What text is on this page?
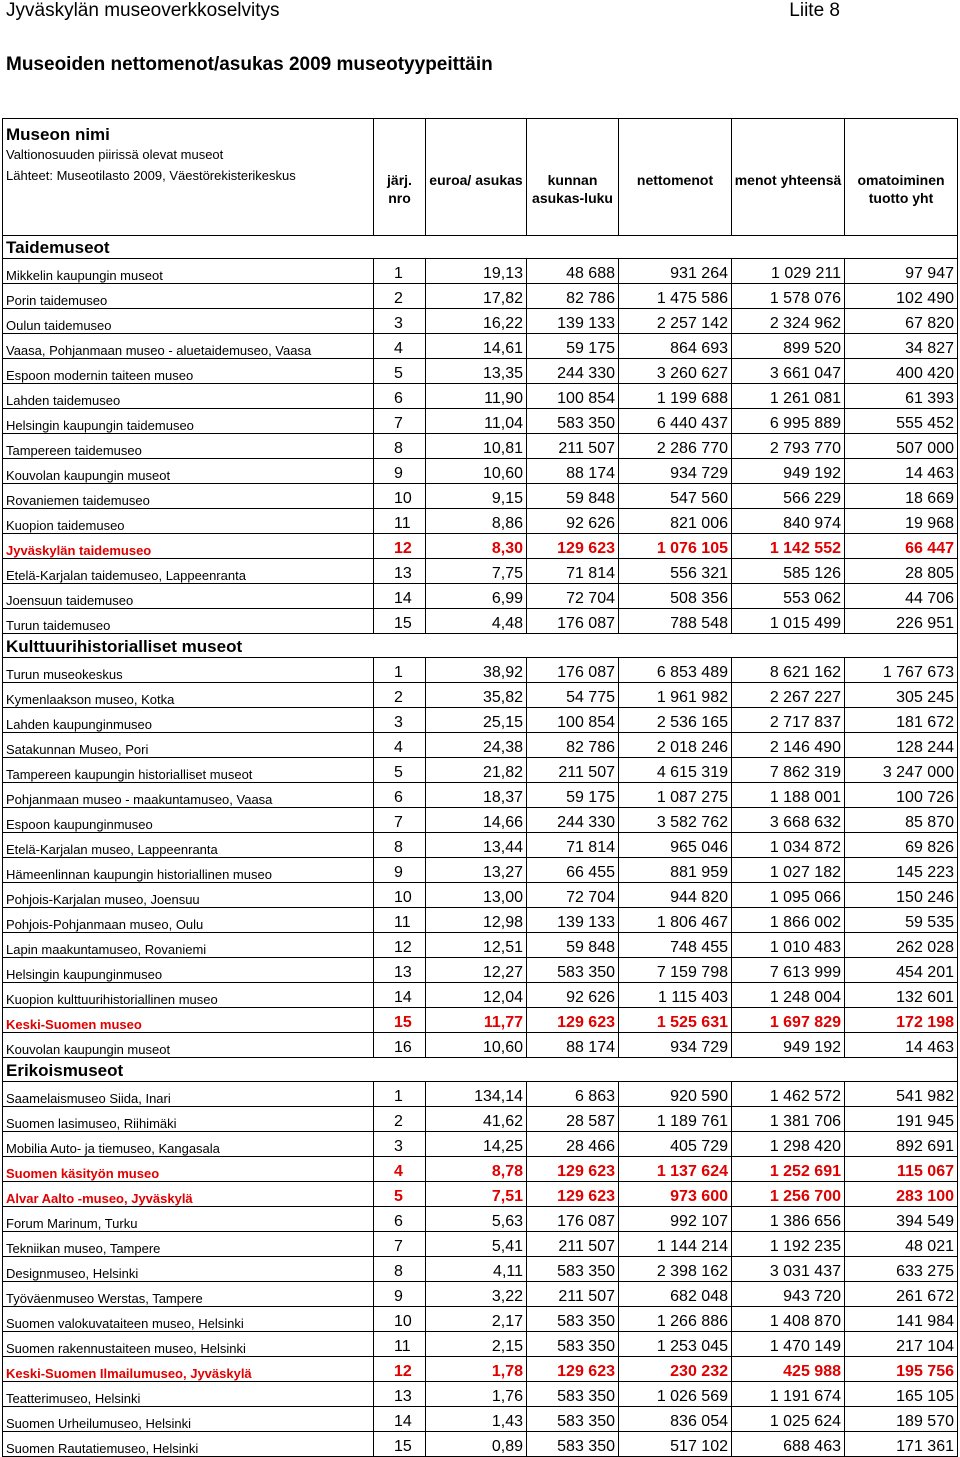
Jyväskylän museoverkkoselvitys	Liite 8
Museoiden nettomenot/asukas 2009 museotyypeittäin
Museon nimi
Valtionosuuden piirissä olevat museot
Lähteet: Museotilasto 2009, Väestörekisterikeskus	järj. nro	euroa/ asukas	kunnan asukas-luku	nettomenot	menot yhteensä	omatoiminen tuotto yht

Taidemuseot						
Mikkelin kaupungin museot	1	19,13	48 688	931 264	1 029 211	97 947
Porin taidemuseo	2	17,82	82 786	1 475 586	1 578 076	102 490
Oulun taidemuseo	3	16,22	139 133	2 257 142	2 324 962	67 820
Vaasa, Pohjanmaan museo - aluetaidemuseo, Vaasa	4	14,61	59 175	864 693	899 520	34 827
Espoon modernin taiteen museo	5	13,35	244 330	3 260 627	3 661 047	400 420
Lahden taidemuseo	6	11,90	100 854	1 199 688	1 261 081	61 393
Helsingin kaupungin taidemuseo	7	11,04	583 350	6 440 437	6 995 889	555 452
Tampereen taidemuseo	8	10,81	211 507	2 286 770	2 793 770	507 000
Kouvolan kaupungin museot	9	10,60	88 174	934 729	949 192	14 463
Rovaniemen taidemuseo	10	9,15	59 848	547 560	566 229	18 669
Kuopion taidemuseo	11	8,86	92 626	821 006	840 974	19 968
Jyväskylän taidemuseo	12	8,30	129 623	1 076 105	1 142 552	66 447
Etelä-Karjalan taidemuseo, Lappeenranta	13	7,75	71 814	556 321	585 126	28 805
Joensuun taidemuseo	14	6,99	72 704	508 356	553 062	44 706
Turun taidemuseo	15	4,48	176 087	788 548	1 015 499	226 951
Kulttuurihistorialliset museot						
Turun museokeskus	1	38,92	176 087	6 853 489	8 621 162	1 767 673
Kymenlaakson museo, Kotka	2	35,82	54 775	1 961 982	2 267 227	305 245
Lahden kaupunginmuseo	3	25,15	100 854	2 536 165	2 717 837	181 672
Satakunnan Museo, Pori	4	24,38	82 786	2 018 246	2 146 490	128 244
Tampereen kaupungin historialliset museot	5	21,82	211 507	4 615 319	7 862 319	3 247 000
Pohjanmaan museo - maakuntamuseo, Vaasa	6	18,37	59 175	1 087 275	1 188 001	100 726
Espoon kaupunginmuseo	7	14,66	244 330	3 582 762	3 668 632	85 870
Etelä-Karjalan museo, Lappeenranta	8	13,44	71 814	965 046	1 034 872	69 826
Hämeenlinnan kaupungin historiallinen museo	9	13,27	66 455	881 959	1 027 182	145 223
Pohjois-Karjalan museo, Joensuu	10	13,00	72 704	944 820	1 095 066	150 246
Pohjois-Pohjanmaan museo, Oulu	11	12,98	139 133	1 806 467	1 866 002	59 535
Lapin maakuntamuseo, Rovaniemi	12	12,51	59 848	748 455	1 010 483	262 028
Helsingin kaupunginmuseo	13	12,27	583 350	7 159 798	7 613 999	454 201
Kuopion kulttuurihistoriallinen museo	14	12,04	92 626	1 115 403	1 248 004	132 601
Keski-Suomen museo	15	11,77	129 623	1 525 631	1 697 829	172 198
Kouvolan kaupungin museot	16	10,60	88 174	934 729	949 192	14 463
Erikoismuseot						
Saamelaismuseo Siida, Inari	1	134,14	6 863	920 590	1 462 572	541 982
Suomen lasimuseo, Riihimäki	2	41,62	28 587	1 189 761	1 381 706	191 945
Mobilia Auto- ja tiemuseo, Kangasala	3	14,25	28 466	405 729	1 298 420	892 691
Suomen käsityön museo	4	8,78	129 623	1 137 624	1 252 691	115 067
Alvar Aalto -museo, Jyväskylä	5	7,51	129 623	973 600	1 256 700	283 100
Forum Marinum, Turku	6	5,63	176 087	992 107	1 386 656	394 549
Tekniikan museo, Tampere	7	5,41	211 507	1 144 214	1 192 235	48 021
Designmuseo, Helsinki	8	4,11	583 350	2 398 162	3 031 437	633 275
Työväenmuseo Werstas, Tampere	9	3,22	211 507	682 048	943 720	261 672
Suomen valokuvataiteen museo, Helsinki	10	2,17	583 350	1 266 886	1 408 870	141 984
Suomen rakennustaiteen museo, Helsinki	11	2,15	583 350	1 253 045	1 470 149	217 104
Keski-Suomen Ilmailumuseo, Jyväskylä	12	1,78	129 623	230 232	425 988	195 756
Teatterimuseo, Helsinki	13	1,76	583 350	1 026 569	1 191 674	165 105
Suomen Urheilumuseo, Helsinki	14	1,43	583 350	836 054	1 025 624	189 570
Suomen Rautatiemuseo, Helsinki	15	0,89	583 350	517 102	688 463	171 361
